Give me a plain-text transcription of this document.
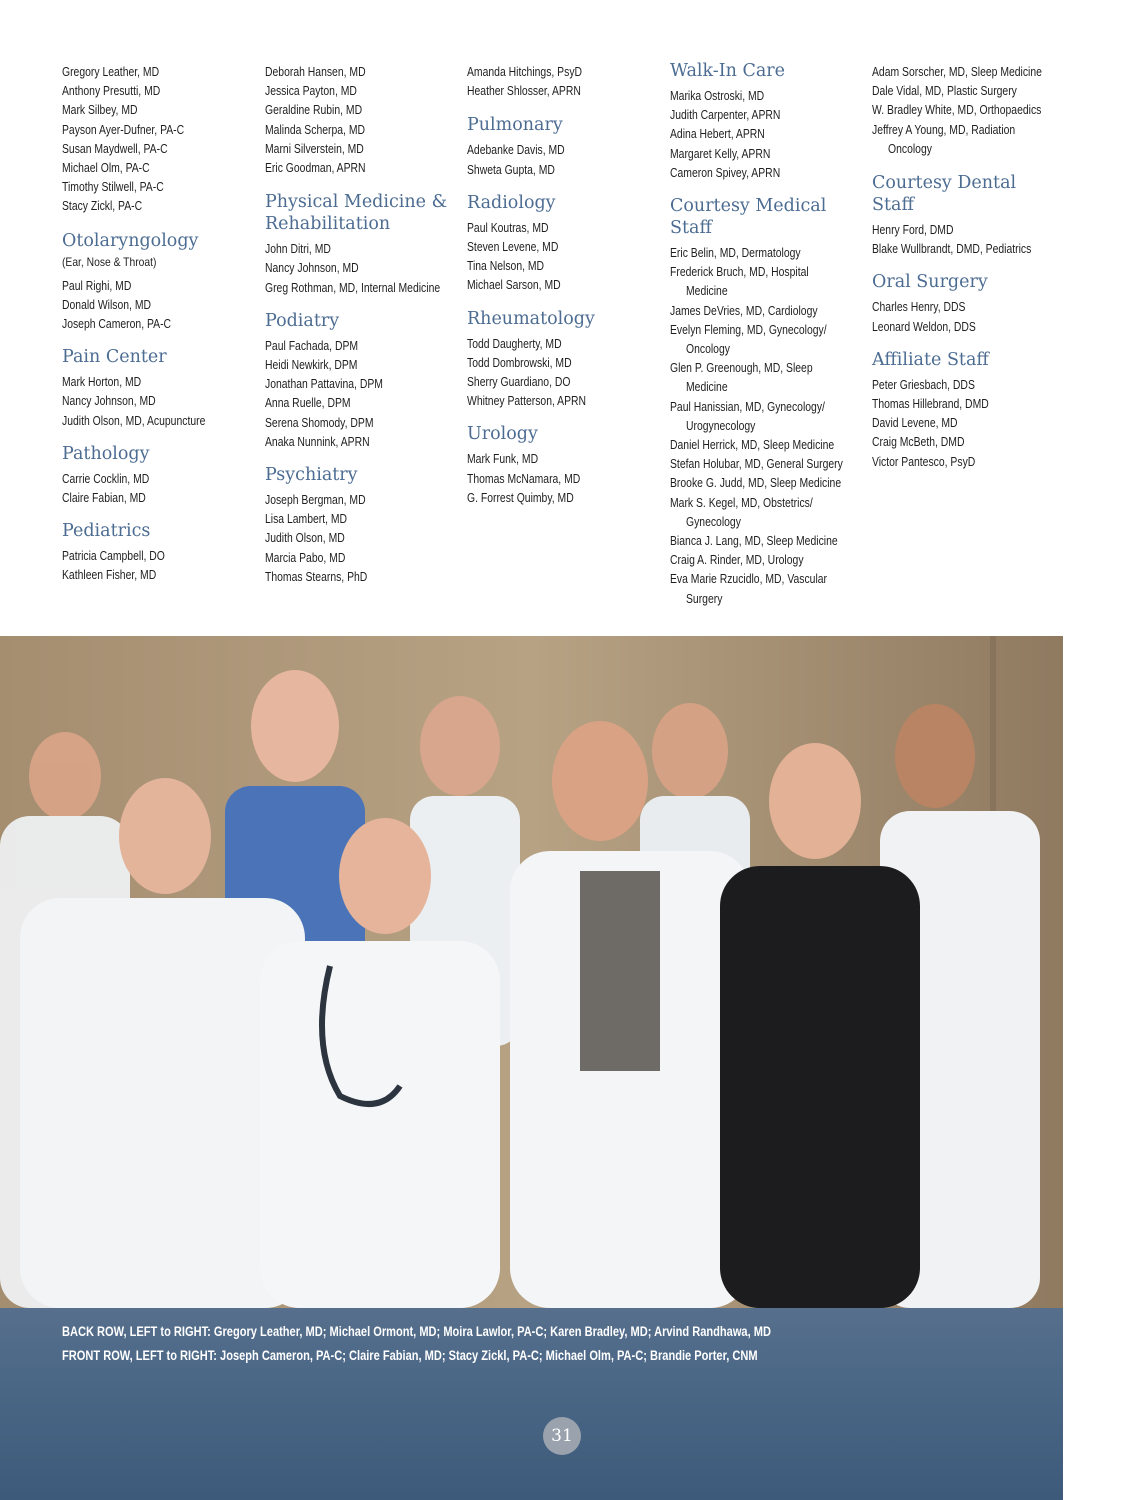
Gregory Leather, MD
Anthony Presutti, MD
Mark Silbey, MD
Payson Ayer-Dufner, PA-C
Susan Maydwell, PA-C
Michael Olm, PA-C
Timothy Stilwell, PA-C
Stacy Zickl, PA-C
Otolaryngology
(Ear, Nose & Throat)
Paul Righi, MD
Donald Wilson, MD
Joseph Cameron, PA-C
Pain Center
Mark Horton, MD
Nancy Johnson, MD
Judith Olson, MD, Acupuncture
Pathology
Carrie Cocklin, MD
Claire Fabian, MD
Pediatrics
Patricia Campbell, DO
Kathleen Fisher, MD
Deborah Hansen, MD
Jessica Payton, MD
Geraldine Rubin, MD
Malinda Scherpa, MD
Marni Silverstein, MD
Eric Goodman, APRN
Physical Medicine & Rehabilitation
John Ditri, MD
Nancy Johnson, MD
Greg Rothman, MD, Internal Medicine
Podiatry
Paul Fachada, DPM
Heidi Newkirk, DPM
Jonathan Pattavina, DPM
Anna Ruelle, DPM
Serena Shomody, DPM
Anaka Nunnink, APRN
Psychiatry
Joseph Bergman, MD
Lisa Lambert, MD
Judith Olson, MD
Marcia Pabo, MD
Thomas Stearns, PhD
Amanda Hitchings, PsyD
Heather Shlosser, APRN
Pulmonary
Adebanke Davis, MD
Shweta Gupta, MD
Radiology
Paul Koutras, MD
Steven Levene, MD
Tina Nelson, MD
Michael Sarson, MD
Rheumatology
Todd Daugherty, MD
Todd Dombrowski, MD
Sherry Guardiano, DO
Whitney Patterson, APRN
Urology
Mark Funk, MD
Thomas McNamara, MD
G. Forrest Quimby, MD
Walk-In Care
Marika Ostroski, MD
Judith Carpenter, APRN
Adina Hebert, APRN
Margaret Kelly, APRN
Cameron Spivey, APRN
Courtesy Medical Staff
Eric Belin, MD, Dermatology
Frederick Bruch, MD, Hospital
Medicine
James DeVries, MD, Cardiology
Evelyn Fleming, MD, Gynecology/
Oncology
Glen P. Greenough, MD, Sleep
Medicine
Paul Hanissian, MD, Gynecology/
Urogynecology
Daniel Herrick, MD, Sleep Medicine
Stefan Holubar, MD, General Surgery
Brooke G. Judd, MD, Sleep Medicine
Mark S. Kegel, MD, Obstetrics/
Gynecology
Bianca J. Lang, MD, Sleep Medicine
Craig A. Rinder, MD, Urology
Eva Marie Rzucidlo, MD, Vascular
Surgery
Adam Sorscher, MD, Sleep Medicine
Dale Vidal, MD, Plastic Surgery
W. Bradley White, MD, Orthopaedics
Jeffrey A Young, MD, Radiation
Oncology
Courtesy Dental Staff
Henry Ford, DMD
Blake Wullbrandt, DMD, Pediatrics
Oral Surgery
Charles Henry, DDS
Leonard Weldon, DDS
Affiliate Staff
Peter Griesbach, DDS
Thomas Hillebrand, DMD
David Levene, MD
Craig McBeth, DMD
Victor Pantesco, PsyD
BACK ROW, LEFT to RIGHT: Gregory Leather, MD; Michael Ormont, MD; Moira Lawlor, PA-C; Karen Bradley, MD; Arvind Randhawa, MD
FRONT ROW, LEFT to RIGHT: Joseph Cameron, PA-C; Claire Fabian, MD; Stacy Zickl, PA-C; Michael Olm, PA-C; Brandie Porter, CNM
31
